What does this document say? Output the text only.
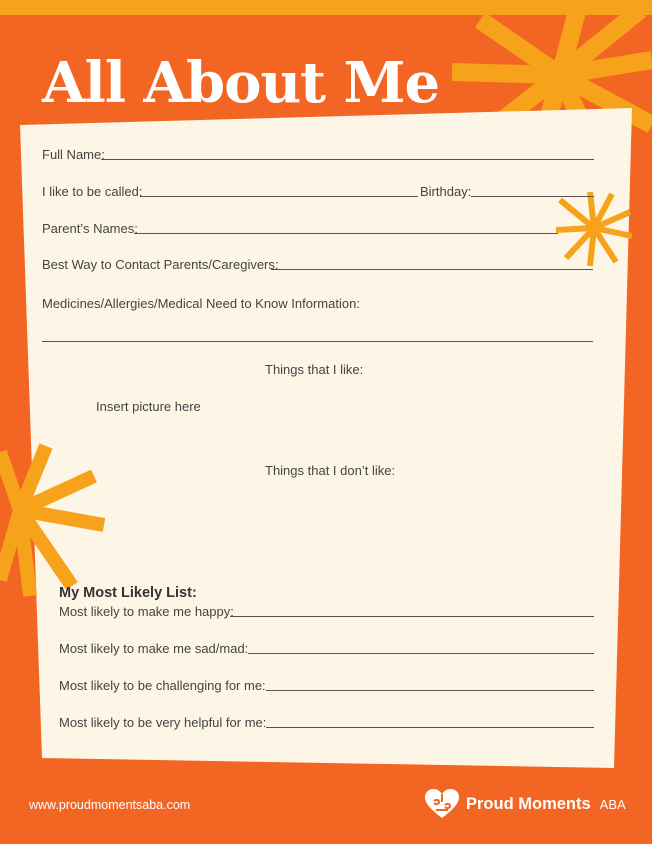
All About Me
Full Name:
I like to be called:	Birthday:
Parent’s Names:
Best Way to Contact Parents/Caregivers:
Medicines/Allergies/Medical Need to Know Information:
Things that I like:
Insert picture here
Things that I don’t like:
My Most Likely List:
Most likely to make me happy:
Most likely to make me sad/mad:
Most likely to be challenging for me:
Most likely to be very helpful for me:
www.proudmomentsaba.com	Proud Moments ABA
